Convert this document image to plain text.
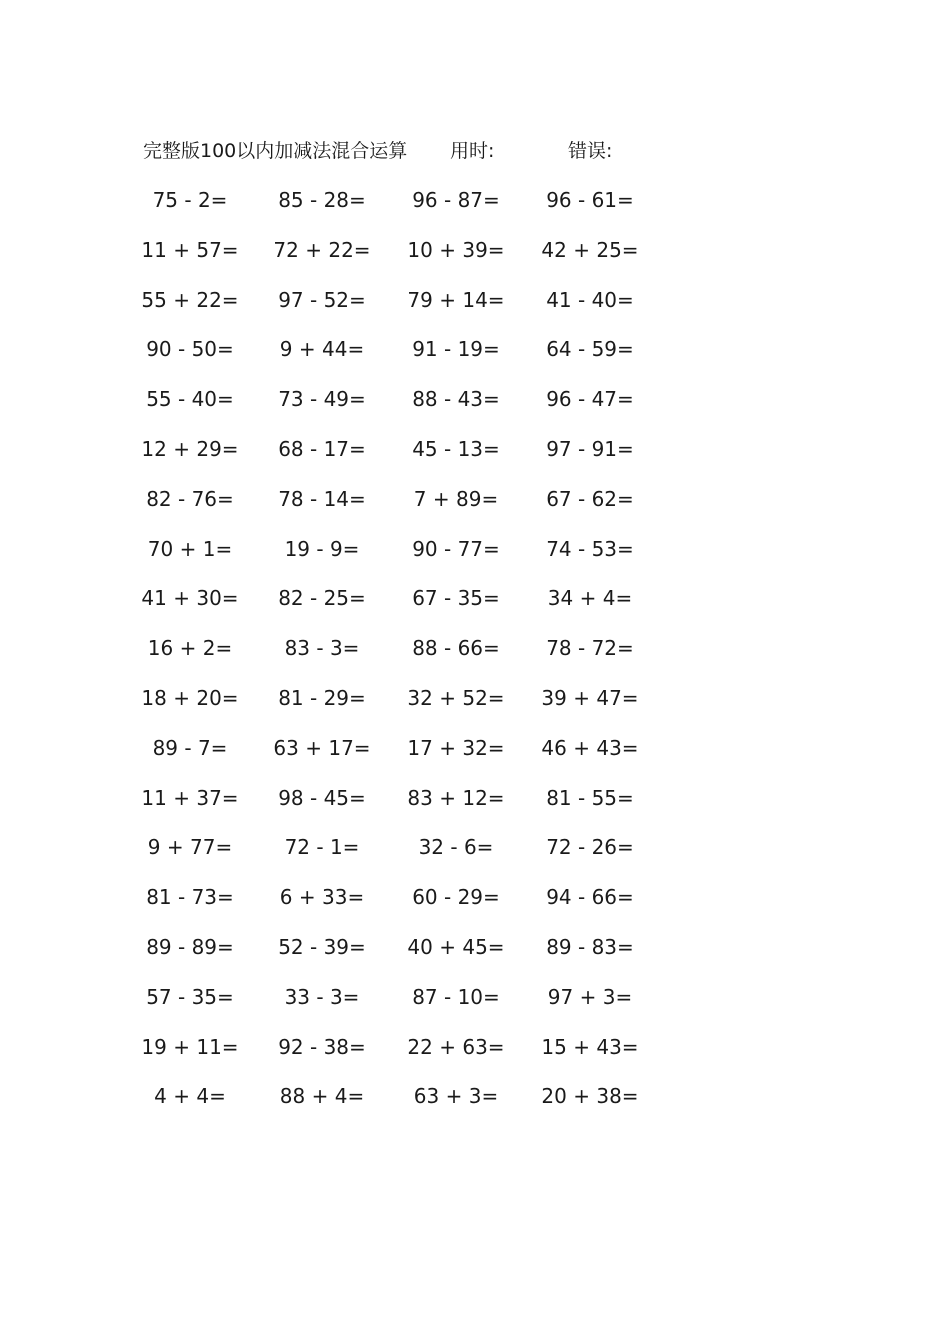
完整版100以内加减法混合运算 用时:	错误:
75 - 2=	85 - 28= 96 - 87= 96 - 61=
11 + 57= 72 + 22= 10 + 39= 42 + 25=
55 + 22= 97 - 52= 79 + 14= 41 - 40=
90 - 50= 9 + 44= 91 - 19= 64 - 59=
55 - 40= 73 - 49= 88 - 43= 96 - 47=
12 + 29= 68 - 17= 45 - 13= 97 - 91=
82 - 76= 78 - 14= 7 + 89= 67 - 62=
70 + 1=	19 - 9=	90 - 77= 74 - 53=
41 + 30= 82 - 25= 67 - 35= 34 + 4=
16 + 2=	83 - 3=	88 - 66= 78 - 72=
18 + 20= 81 - 29= 32 + 52= 39 + 47=
89 - 7= 63 + 17= 17 + 32= 46 + 43=
11 + 37= 98 - 45= 83 + 12= 81 - 55=
9 + 77=	72 - 1=	32 - 6=	72 - 26=
81 - 73= 6 + 33= 60 - 29= 94 - 66=
89 - 89= 52 - 39= 40 + 45= 89 - 83=
57 - 35=	33 - 3=	87 - 10= 97 + 3=
19 + 11= 92 - 38= 22 + 63= 15 + 43=
4 + 4=	88 + 4= 63 + 3= 20 + 38=
